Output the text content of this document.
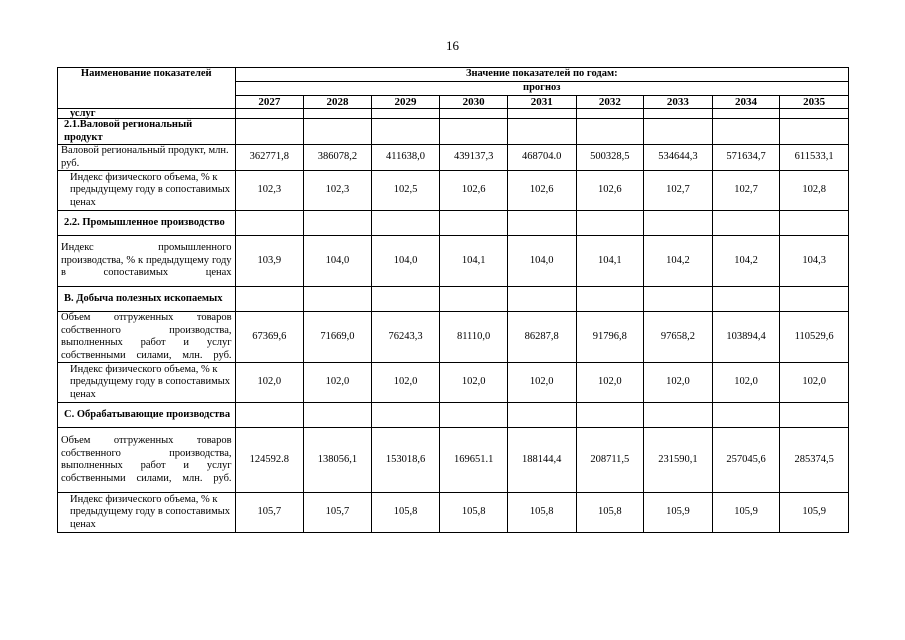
16
Наименование показателей	Значение показателей по годам:								
	прогноз								
	2027	2028	2029	2030	2031	2032	2033	2034	2035
услуг									
2.1.Валовой региональный продукт									
Валовой региональный продукт, млн. руб.	362771,8	386078,2	411638,0	439137,3	468704.0	500328,5	534644,3	571634,7	611533,1
Индекс физического объема, % к предыдущему году в сопоставимых ценах	102,3	102,3	102,5	102,6	102,6	102,6	102,7	102,7	102,8
2.2. Промышленное производство									
Индекс промышленного производства, % к предыдущему году в сопоставимых ценах	103,9	104,0	104,0	104,1	104,0	104,1	104,2	104,2	104,3
B. Добыча полезных ископаемых									
Объем отгруженных товаров собственного производства, выполненных работ и услуг собственными силами, млн. руб.	67369,6	71669,0	76243,3	81110,0	86287,8	91796,8	97658,2	103894,4	110529,6
Индекс физического объема, % к предыдущему году в сопоставимых ценах	102,0	102,0	102,0	102,0	102,0	102,0	102,0	102,0	102,0
C. Обрабатывающие производства									
Объем отгруженных товаров собственного производства, выполненных работ и услуг собственными силами, млн. руб.	124592.8	138056,1	153018,6	169651.1	188144,4	208711,5	231590,1	257045,6	285374,5
Индекс физического объема, % к предыдущему году в сопоставимых ценах	105,7	105,7	105,8	105,8	105,8	105,8	105,9	105,9	105,9
